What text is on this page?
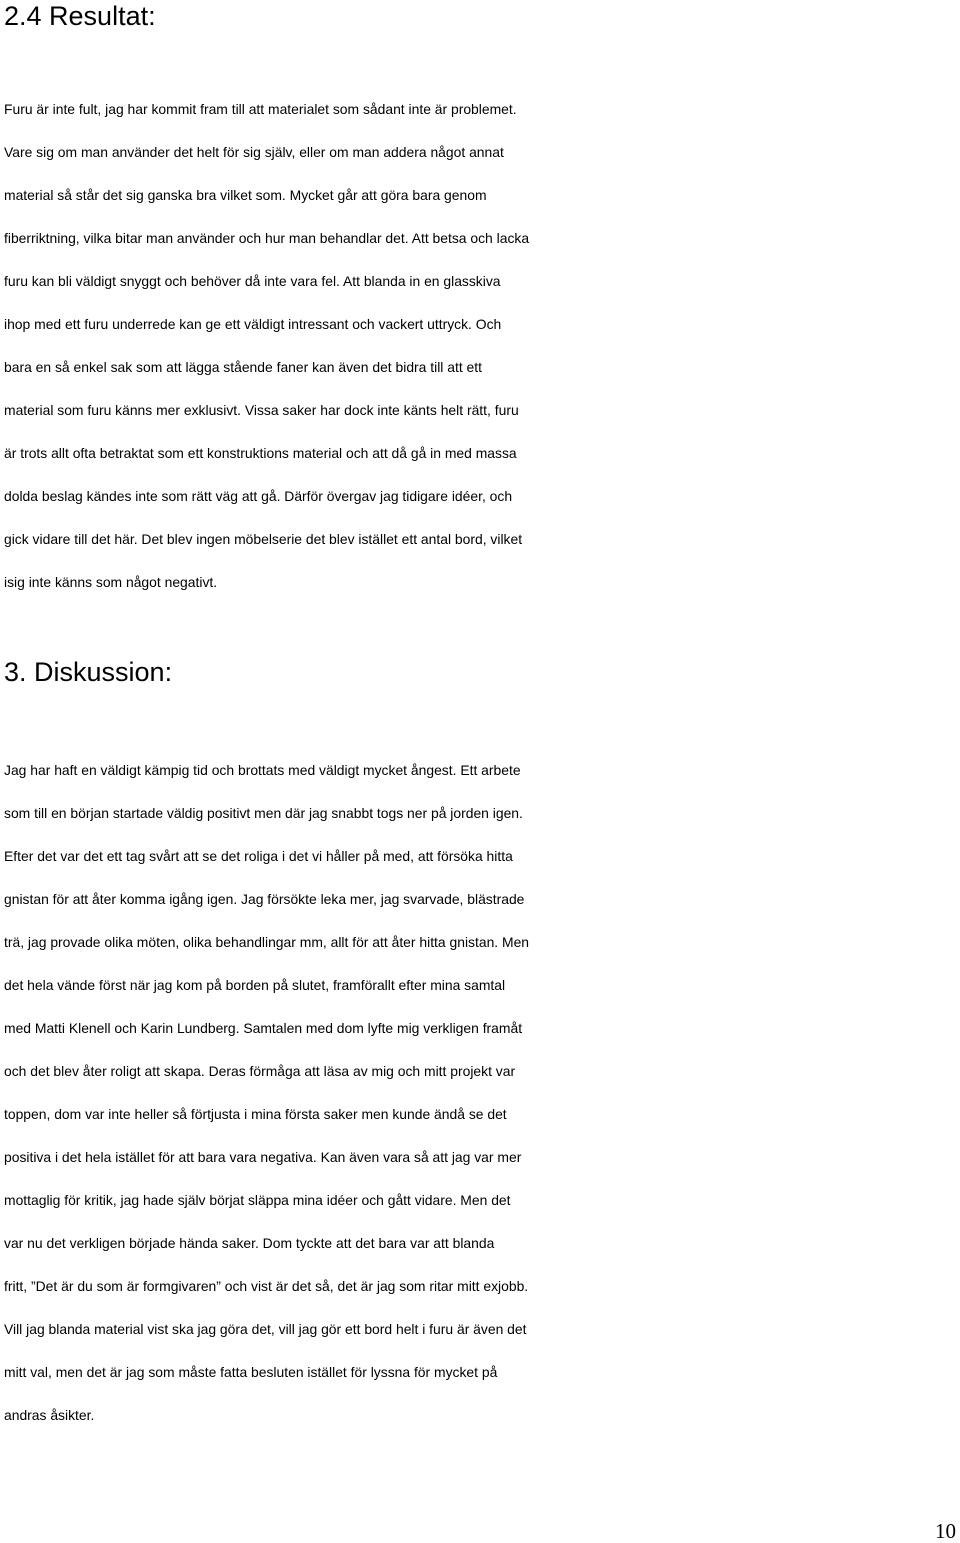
2.4 Resultat:
Furu är inte fult, jag har kommit fram till att materialet som sådant inte är problemet.
Vare sig om man använder det helt för sig själv, eller om man addera något annat
material så står det sig ganska bra vilket som. Mycket går att göra bara genom
fiberriktning, vilka bitar man använder och hur man behandlar det. Att betsa och lacka
furu kan bli väldigt snyggt och behöver då inte vara fel. Att blanda in en glasskiva
ihop med ett furu underrede kan ge ett väldigt intressant och vackert uttryck. Och
bara en så enkel sak som att lägga stående faner kan även det bidra till att ett
material som furu känns mer exklusivt. Vissa saker har dock inte känts helt rätt, furu
är trots allt ofta betraktat som ett konstruktions material och att då gå in med massa
dolda beslag kändes inte som rätt väg att gå. Därför övergav jag tidigare idéer, och
gick vidare till det här. Det blev ingen möbelserie det blev istället ett antal bord, vilket
isig inte känns som något negativt.
3. Diskussion:
Jag har haft en väldigt kämpig tid och brottats med väldigt mycket ångest. Ett arbete
som till en början startade väldig positivt men där jag snabbt togs ner på jorden igen.
Efter det var det ett tag svårt att se det roliga i det vi håller på med, att försöka hitta
gnistan för att åter komma igång igen. Jag försökte leka mer, jag svarvade, blästrade
trä, jag provade olika möten, olika behandlingar mm, allt för att åter hitta gnistan. Men
det hela vände först när jag kom på borden på slutet, framförallt efter mina samtal
med Matti Klenell och Karin Lundberg. Samtalen med dom lyfte mig verkligen framåt
och det blev åter roligt att skapa. Deras förmåga att läsa av mig och mitt projekt var
toppen, dom var inte heller så förtjusta i mina första saker men kunde ändå se det
positiva i det hela istället för att bara vara negativa. Kan även vara så att jag var mer
mottaglig för kritik, jag hade själv börjat släppa mina idéer och gått vidare. Men det
var nu det verkligen började hända saker. Dom tyckte att det bara var att blanda
fritt, ”Det är du som är formgivaren” och vist är det så, det är jag som ritar mitt exjobb.
Vill jag blanda material vist ska jag göra det, vill jag gör ett bord helt i furu är även det
mitt val, men det är jag som måste fatta besluten istället för lyssna för mycket på
andras åsikter.
10
